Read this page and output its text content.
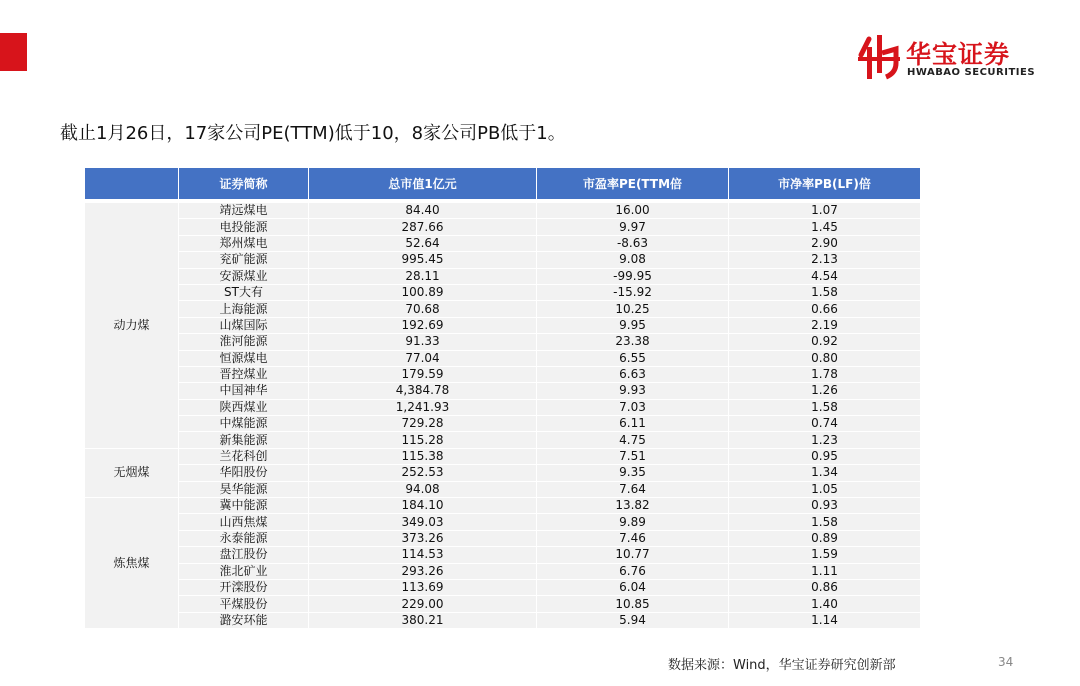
华宝证券
HWABAO SECURITIES
截止1月26日，17家公司PE(TTM)低于10，8家公司PB低于1。
	证券简称	总市值1亿元	市盈率PE(TTM倍	市净率PB(LF)倍
动力煤	靖远煤电	84.40	16.00	1.07
	电投能源	287.66	9.97	1.45
	郑州煤电	52.64	-8.63	2.90
	兖矿能源	995.45	9.08	2.13
	安源煤业	28.11	-99.95	4.54
	ST大有	100.89	-15.92	1.58
	上海能源	70.68	10.25	0.66
	山煤国际	192.69	9.95	2.19
	淮河能源	91.33	23.38	0.92
	恒源煤电	77.04	6.55	0.80
	晋控煤业	179.59	6.63	1.78
	中国神华	4,384.78	9.93	1.26
	陕西煤业	1,241.93	7.03	1.58
	中煤能源	729.28	6.11	0.74
	新集能源	115.28	4.75	1.23
无烟煤	兰花科创	115.38	7.51	0.95
	华阳股份	252.53	9.35	1.34
	昊华能源	94.08	7.64	1.05
炼焦煤	冀中能源	184.10	13.82	0.93
	山西焦煤	349.03	9.89	1.58
	永泰能源	373.26	7.46	0.89
	盘江股份	114.53	10.77	1.59
	淮北矿业	293.26	6.76	1.11
	开滦股份	113.69	6.04	0.86
	平煤股份	229.00	10.85	1.40
	潞安环能	380.21	5.94	1.14
数据来源：Wind，华宝证券研究创新部	34
